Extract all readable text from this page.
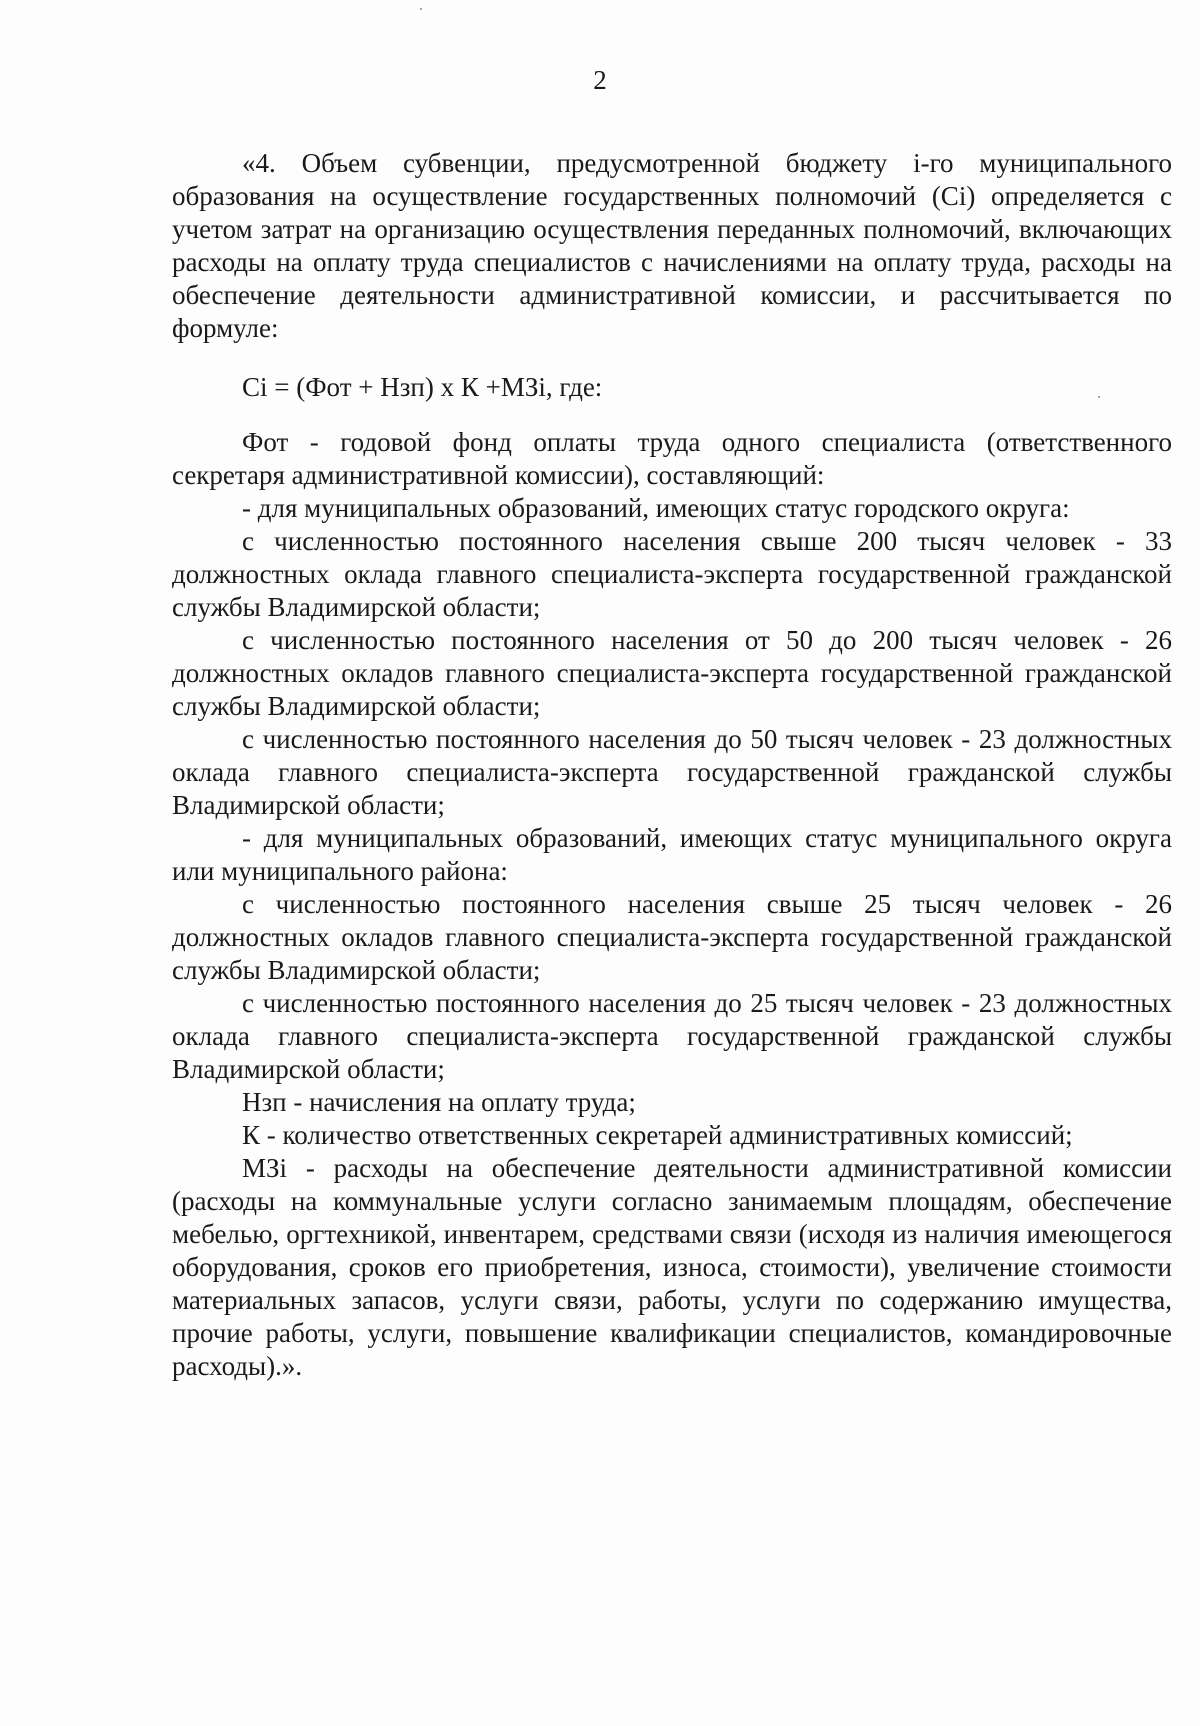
2

«4. Объем субвенции, предусмотренной бюджету i-го муниципального образования на осуществление государственных полномочий (Ci) определяется с учетом затрат на организацию осуществления переданных полномочий, включающих расходы на оплату труда специалистов с начислениями на оплату труда, расходы на обеспечение деятельности административной комиссии, и рассчитывается по формуле:

Ci = (Фот + Нзп) х К +МЗi, где:

Фот - годовой фонд оплаты труда одного специалиста (ответственного секретаря административной комиссии), составляющий:

- для муниципальных образований, имеющих статус городского округа:

с численностью постоянного населения свыше 200 тысяч человек - 33 должностных оклада главного специалиста-эксперта государственной гражданской службы Владимирской области;

с численностью постоянного населения от 50 до 200 тысяч человек - 26 должностных окладов главного специалиста-эксперта государственной гражданской службы Владимирской области;

с численностью постоянного населения до 50 тысяч человек - 23 должностных оклада главного специалиста-эксперта государственной гражданской службы Владимирской области;

- для муниципальных образований, имеющих статус муниципального округа или муниципального района:

с численностью постоянного населения свыше 25 тысяч человек - 26 должностных окладов главного специалиста-эксперта государственной гражданской службы Владимирской области;

с численностью постоянного населения до 25 тысяч человек - 23 должностных оклада главного специалиста-эксперта государственной гражданской службы Владимирской области;

Нзп - начисления на оплату труда;

К - количество ответственных секретарей административных комиссий;

МЗi - расходы на обеспечение деятельности административной комиссии (расходы на коммунальные услуги согласно занимаемым площадям, обеспечение мебелью, оргтехникой, инвентарем, средствами связи (исходя из наличия имеющегося оборудования, сроков его приобретения, износа, стоимости), увеличение стоимости материальных запасов, услуги связи, работы, услуги по содержанию имущества, прочие работы, услуги, повышение квалификации специалистов, командировочные расходы).».
